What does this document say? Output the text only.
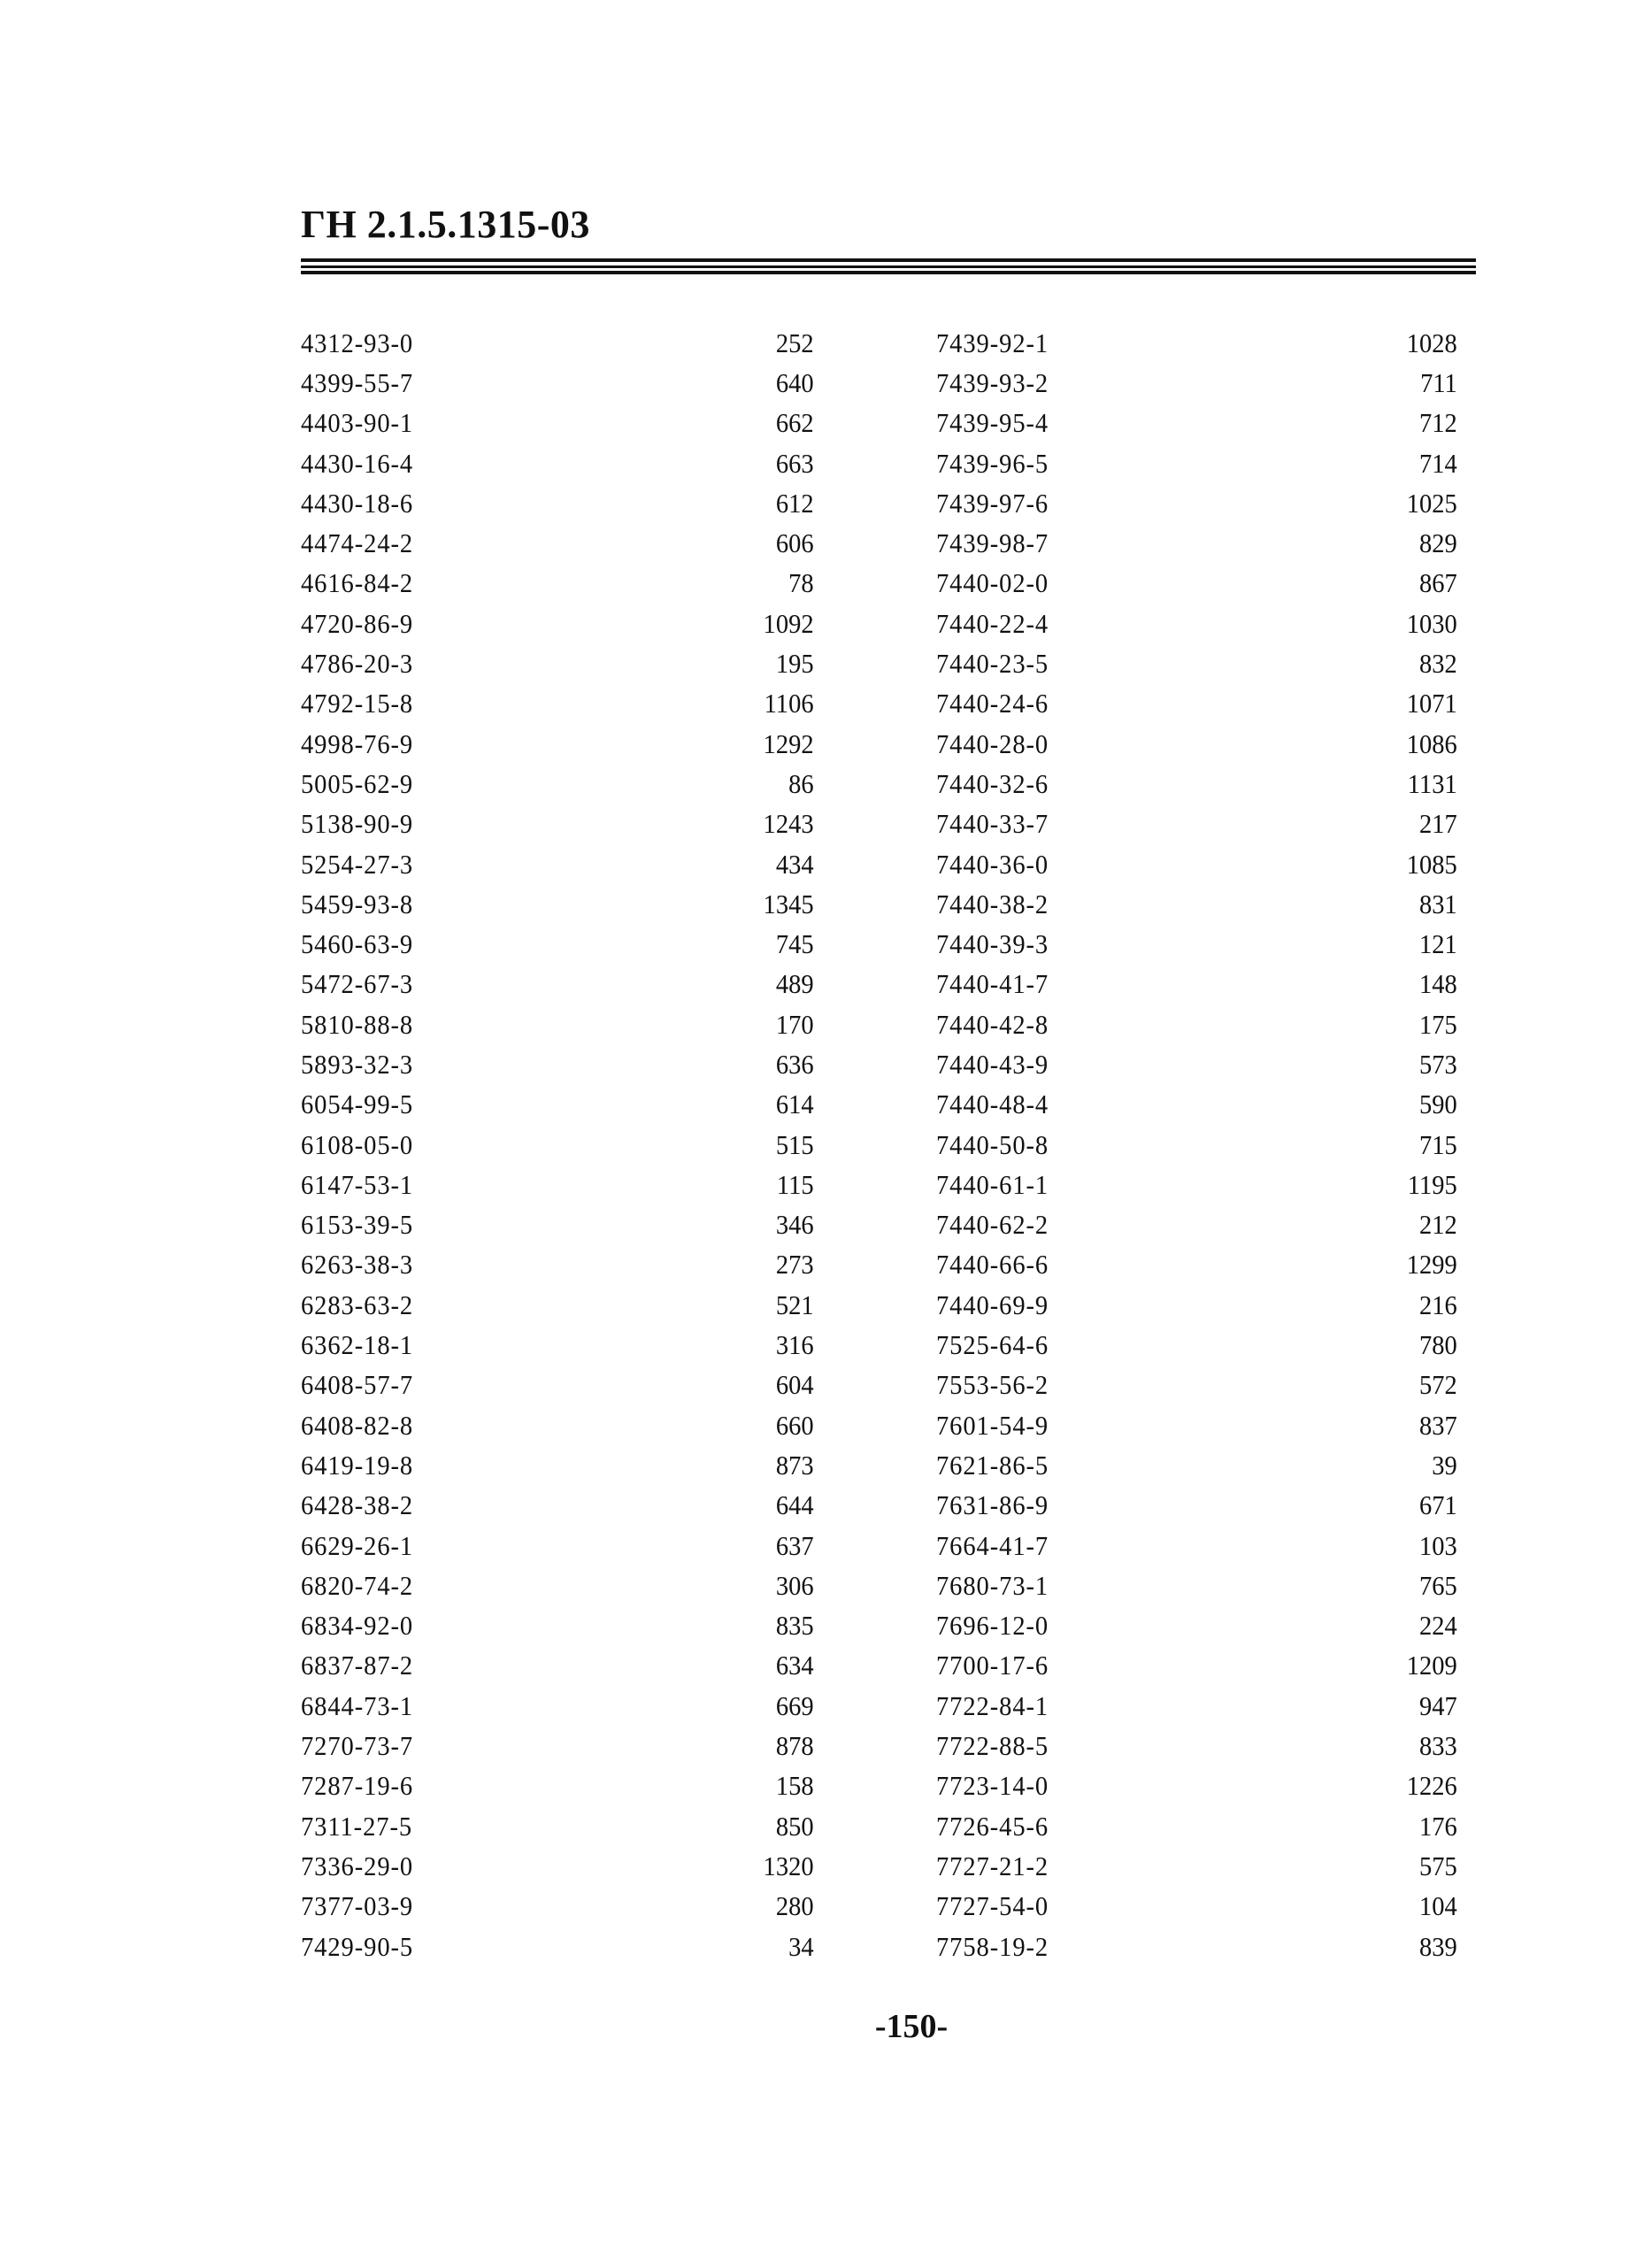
ГН 2.1.5.1315-03
4312-93-0	252
4399-55-7	640
4403-90-1	662
4430-16-4	663
4430-18-6	612
4474-24-2	606
4616-84-2	78
4720-86-9	1092
4786-20-3	195
4792-15-8	1106
4998-76-9	1292
5005-62-9	86
5138-90-9	1243
5254-27-3	434
5459-93-8	1345
5460-63-9	745
5472-67-3	489
5810-88-8	170
5893-32-3	636
6054-99-5	614
6108-05-0	515
6147-53-1	115
6153-39-5	346
6263-38-3	273
6283-63-2	521
6362-18-1	316
6408-57-7	604
6408-82-8	660
6419-19-8	873
6428-38-2	644
6629-26-1	637
6820-74-2	306
6834-92-0	835
6837-87-2	634
6844-73-1	669
7270-73-7	878
7287-19-6	158
7311-27-5	850
7336-29-0	1320
7377-03-9	280
7429-90-5	34
7439-92-1	1028
7439-93-2	711
7439-95-4	712
7439-96-5	714
7439-97-6	1025
7439-98-7	829
7440-02-0	867
7440-22-4	1030
7440-23-5	832
7440-24-6	1071
7440-28-0	1086
7440-32-6	1131
7440-33-7	217
7440-36-0	1085
7440-38-2	831
7440-39-3	121
7440-41-7	148
7440-42-8	175
7440-43-9	573
7440-48-4	590
7440-50-8	715
7440-61-1	1195
7440-62-2	212
7440-66-6	1299
7440-69-9	216
7525-64-6	780
7553-56-2	572
7601-54-9	837
7621-86-5	39
7631-86-9	671
7664-41-7	103
7680-73-1	765
7696-12-0	224
7700-17-6	1209
7722-84-1	947
7722-88-5	833
7723-14-0	1226
7726-45-6	176
7727-21-2	575
7727-54-0	104
7758-19-2	839
-150-
